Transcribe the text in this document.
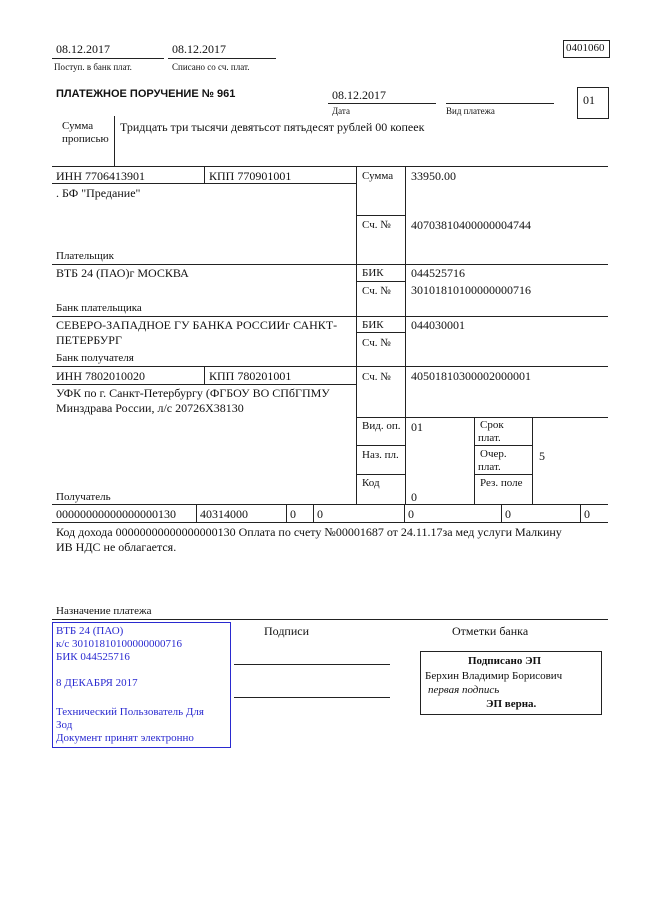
08.12.2017
Поступ. в банк плат.
08.12.2017
Списано со сч. плат.
0401060
ПЛАТЕЖНОЕ ПОРУЧЕНИЕ № 961	08.12.2017
Дата	Вид платежа
01
Сумма
прописью
Тридцать три тысячи девятьсот пятьдесят рублей 00 копеек
ИНН 7706413901	КПП 770901001
. БФ "Предание"
Плательщик
Сумма 33950.00
Сч. № 40703810400000004744
ВТБ 24 (ПАО)г МОСКВА	БИК 044525716
Сч. № 30101810100000000716
Банк плательщика
СЕВЕРО-ЗАПАДНОЕ ГУ БАНКА РОССИИг САНКТ-
ПЕТЕРБУРГ
БИК 044030001
Сч. №
Банк получателя
ИНН 7802010020	КПП 780201001	Сч. № 40501810300002000001
УФК по г. Санкт-Петербургу (ФГБОУ ВО СПбГПМУ
Минздрава России, л/с 20726Х38130
Вид. оп. 01	Срок
плат.
Наз. пл.	Очер.
плат.
5
Код	Рез. поле
0
Получатель
00000000000000000130 40314000	0 0	0	0	0
Код дохода 00000000000000000130 Оплата по счету №00001687 от 24.11.17за мед услуги Малкину
ИВ НДС не облагается.
Назначение платежа
ВТБ 24 (ПАО)
к/с 30101810100000000716
БИК 044525716
8 ДЕКАБРЯ 2017
Технический Пользователь Для
Зод
Документ принят электронно
Подписи	Отметки банка
Подписано ЭП
Берхин Владимир Борисович
первая подпись
ЭП верна.
